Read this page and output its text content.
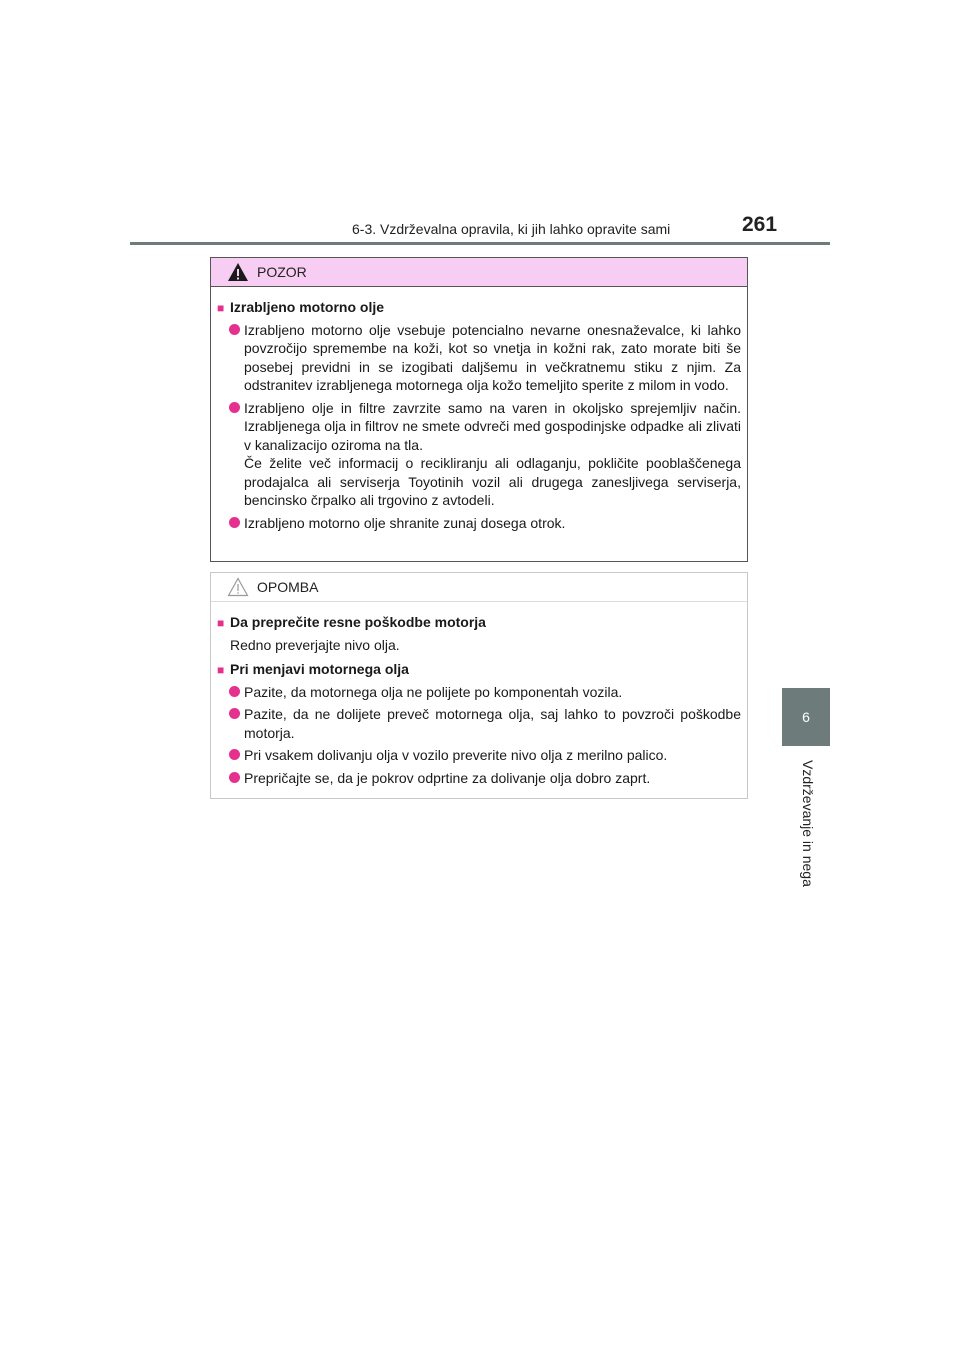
6-3. Vzdrževalna opravila, ki jih lahko opravite sami	261
6
Vzdrževanje in nega
POZOR
■ Izrabljeno motorno olje
Izrabljeno motorno olje vsebuje potencialno nevarne onesnaževalce, ki lahko povzročijo spremembe na koži, kot so vnetja in kožni rak, zato morate biti še posebej previdni in se izogibati daljšemu in večkratnemu stiku z njim. Za odstranitev izrabljenega motornega olja kožo temeljito sperite z milom in vodo.
Izrabljeno olje in filtre zavrzite samo na varen in okoljsko sprejemljiv način. Izrabljenega olja in filtrov ne smete odvreči med gospodinjske odpadke ali zlivati v kanalizacijo oziroma na tla.
Če želite več informacij o recikliranju ali odlaganju, pokličite pooblaščenega prodajalca ali serviserja Toyotinih vozil ali drugega zanesljivega serviserja, bencinsko črpalko ali trgovino z avtodeli.
Izrabljeno motorno olje shranite zunaj dosega otrok.
OPOMBA
■ Da preprečite resne poškodbe motorja
Redno preverjajte nivo olja.
■ Pri menjavi motornega olja
Pazite, da motornega olja ne polijete po komponentah vozila.
Pazite, da ne dolijete preveč motornega olja, saj lahko to povzroči poškodbe motorja.
Pri vsakem dolivanju olja v vozilo preverite nivo olja z merilno palico.
Prepričajte se, da je pokrov odprtine za dolivanje olja dobro zaprt.
